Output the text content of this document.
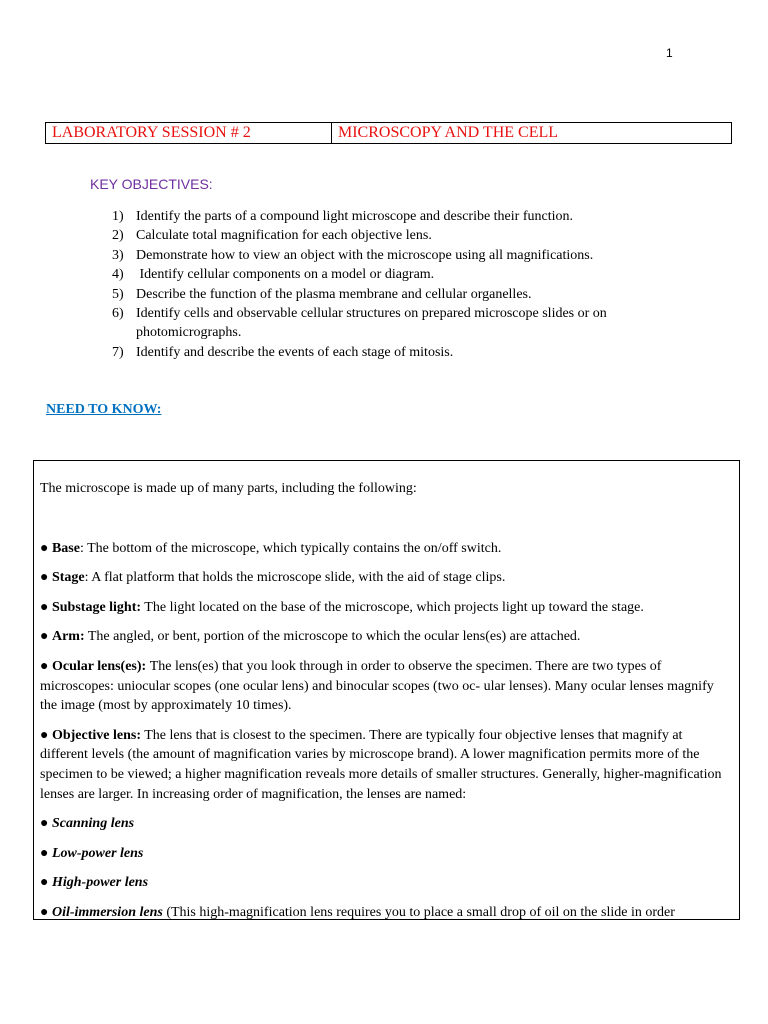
1
LABORATORY SESSION # 2	MICROSCOPY AND THE CELL
KEY OBJECTIVES:
1) Identify the parts of a compound light microscope and describe their function.
2) Calculate total magnification for each objective lens.
3) Demonstrate how to view an object with the microscope using all magnifications.
4) Identify cellular components on a model or diagram.
5) Describe the function of the plasma membrane and cellular organelles.
6) Identify cells and observable cellular structures on prepared microscope slides or on photomicrographs.
7) Identify and describe the events of each stage of mitosis.
NEED TO KNOW:

The microscope is made up of many parts, including the following:

● Base: The bottom of the microscope, which typically contains the on/off switch.

● Stage: A flat platform that holds the microscope slide, with the aid of stage clips.

● Substage light: The light located on the base of the microscope, which projects light up toward the stage.

● Arm: The angled, or bent, portion of the microscope to which the ocular lens(es) are attached.

● Ocular lens(es): The lens(es) that you look through in order to observe the specimen. There are two types of microscopes: uniocular scopes (one ocular lens) and binocular scopes (two oc- ular lenses). Many ocular lenses magnify the image (most by approximately 10 times).

● Objective lens: The lens that is closest to the specimen. There are typically four objective lenses that magnify at different levels (the amount of magnification varies by microscope brand). A lower magnification permits more of the specimen to be viewed; a higher magnification reveals more details of smaller structures. Generally, higher-magnification lenses are larger. In increasing order of magnification, the lenses are named:

● Scanning lens

● Low-power lens

● High-power lens

● Oil-immersion lens (This high-magnification lens requires you to place a small drop of oil on the slide in order
